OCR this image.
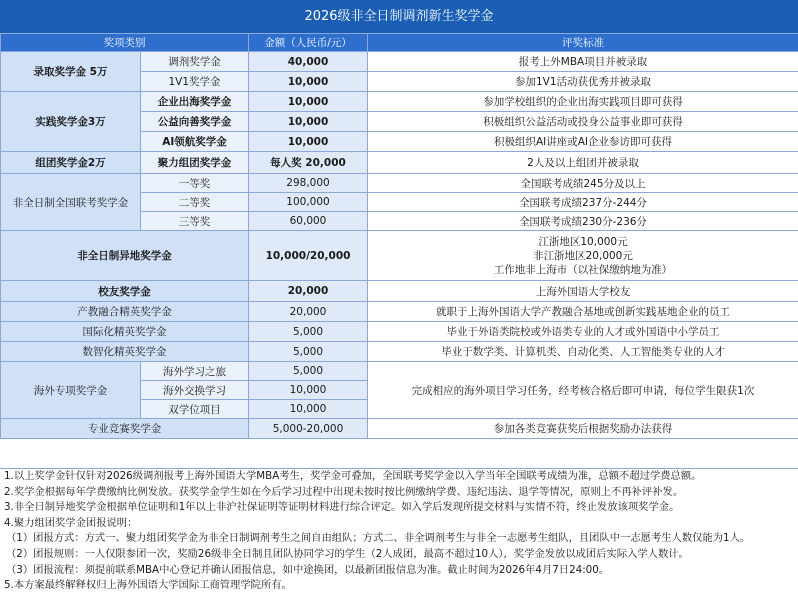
2026级非全日制调剂新生奖学金
奖项类别		金额（人民币/元）	评奖标准
录取奖学金 5万	调剂奖学金	40,000	报考上外MBA项目并被录取
	1V1奖学金	10,000	参加1V1活动获优秀并被录取
实践奖学金3万	企业出海奖学金	10,000	参加学校组织的企业出海实践项目即可获得
	公益向善奖学金	10,000	积极组织公益活动或投身公益事业即可获得
	AI领航奖学金	10,000	积极组织AI讲座或AI企业参访即可获得
组团奖学金2万	聚力组团奖学金	每人奖 20,000	2人及以上组团并被录取
非全日制全国联考奖学金	一等奖	298,000	全国联考成绩245分及以上
	二等奖	100,000	全国联考成绩237分-244分
	三等奖	60,000	全国联考成绩230分-236分
非全日制异地奖学金		10,000/20,000	江浙地区10,000元
非江浙地区20,000元
工作地非上海市（以社保缴纳地为准）

校友奖学金		20,000	上海外国语大学校友
产教融合精英奖学金		20,000	就职于上海外国语大学产教融合基地或创新实践基地企业的员工
国际化精英奖学金		5,000	毕业于外语类院校或外语类专业的人才或外国语中小学员工
数智化精英奖学金		5,000	毕业于数学类、计算机类、自动化类、人工智能类专业的人才
海外专项奖学金	海外学习之旅	5,000	完成相应的海外项目学习任务，经考核合格后即可申请，每位学生限获1次
	海外交换学习	10,000	
	双学位项目	10,000	
专业竞赛奖学金		5,000-20,000	参加各类竞赛获奖后根据奖励办法获得
1.以上奖学金针仅针对2026级调剂报考上海外国语大学MBA考生，奖学金可叠加，全国联考奖学金以入学当年全国联考成绩为准，总额不超过学费总额。
2.奖学金根据每年学费缴纳比例发放。获奖学金学生如在今后学习过程中出现未按时按比例缴纳学费、违纪违法、退学等情况，原则上不再补评补发。
3.非全日制异地奖学金根据单位证明和1年以上非沪社保证明等证明材料进行综合评定。如入学后发现所提交材料与实情不符，终止发放该项奖学金。
4.聚力组团奖学金团报说明：
（1）团报方式：方式一、聚力组团奖学金为非全日制调剂考生之间自由组队；方式二、非全调剂考生与非全一志愿考生组队，且团队中一志愿考生人数仅能为1人。
（2）团报规则：一人仅限参团一次，奖励26级非全日制且团队协同学习的学生（2人成团，最高不超过10人），奖学金发放以成团后实际入学人数计。
（3）团报流程：须提前联系MBA中心登记并确认团报信息，如中途换团，以最新团报信息为准。截止时间为2026年4月7日24:00。
5.本方案最终解释权归上海外国语大学国际工商管理学院所有。
